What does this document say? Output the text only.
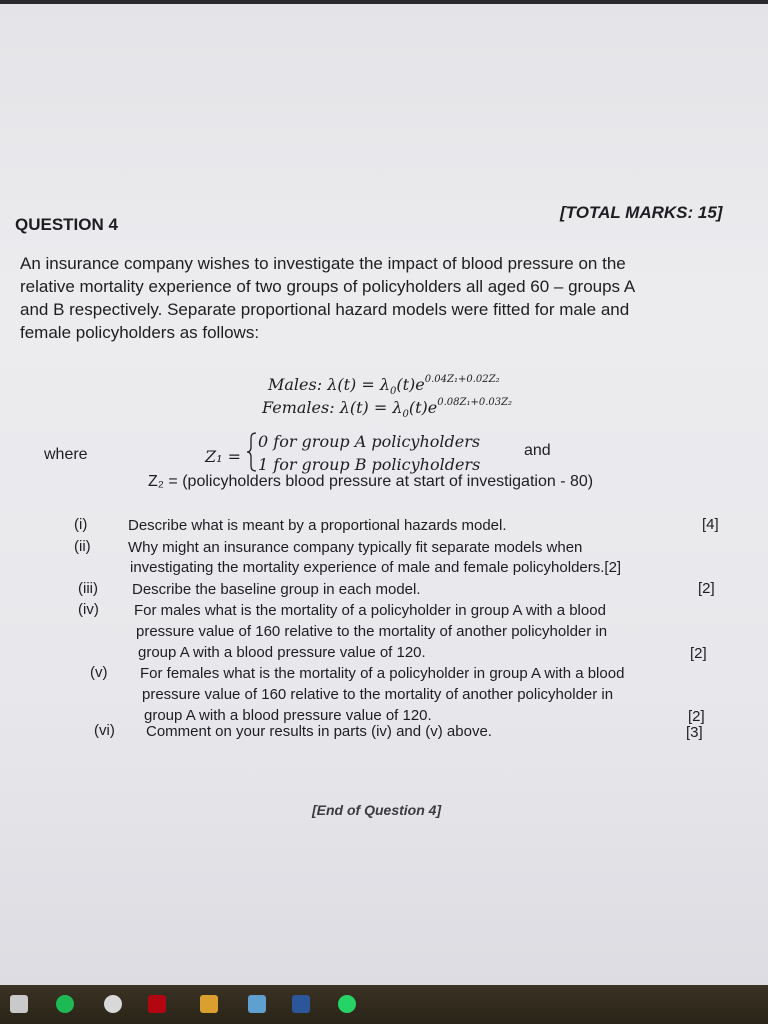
QUESTION 4
[TOTAL MARKS: 15]
An insurance company wishes to investigate the impact of blood pressure on the
relative mortality experience of two groups of policyholders all aged 60 – groups A
and B respectively. Separate proportional hazard models were fitted for male and
female policyholders as follows:
Males: $\lambda(t) = \lambda_0(t)e^{0.04Z_1+0.02Z_2}$
Females: $\lambda(t) = \lambda_0(t)e^{0.08Z_1+0.03Z_2}$
where	Z₁ =
0 for group A policyholders
1 for group B policyholders
and
Z₂ = (policyholders blood pressure at start of investigation - 80)
(i)	Describe what is meant by a proportional hazards model.	[4]
(ii) Why might an insurance company typically fit separate models when
investigating the mortality experience of male and female policyholders.[2]
(iii) Describe the baseline group in each model.	[2]
(iv) For males what is the mortality of a policyholder in group A with a blood
pressure value of 160 relative to the mortality of another policyholder in
group A with a blood pressure value of 120.	[2]
(v) For females what is the mortality of a policyholder in group A with a blood
pressure value of 160 relative to the mortality of another policyholder in
group A with a blood pressure value of 120.	[2]
(vi) Comment on your results in parts (iv) and (v) above.	[3]
[End of Question 4]
